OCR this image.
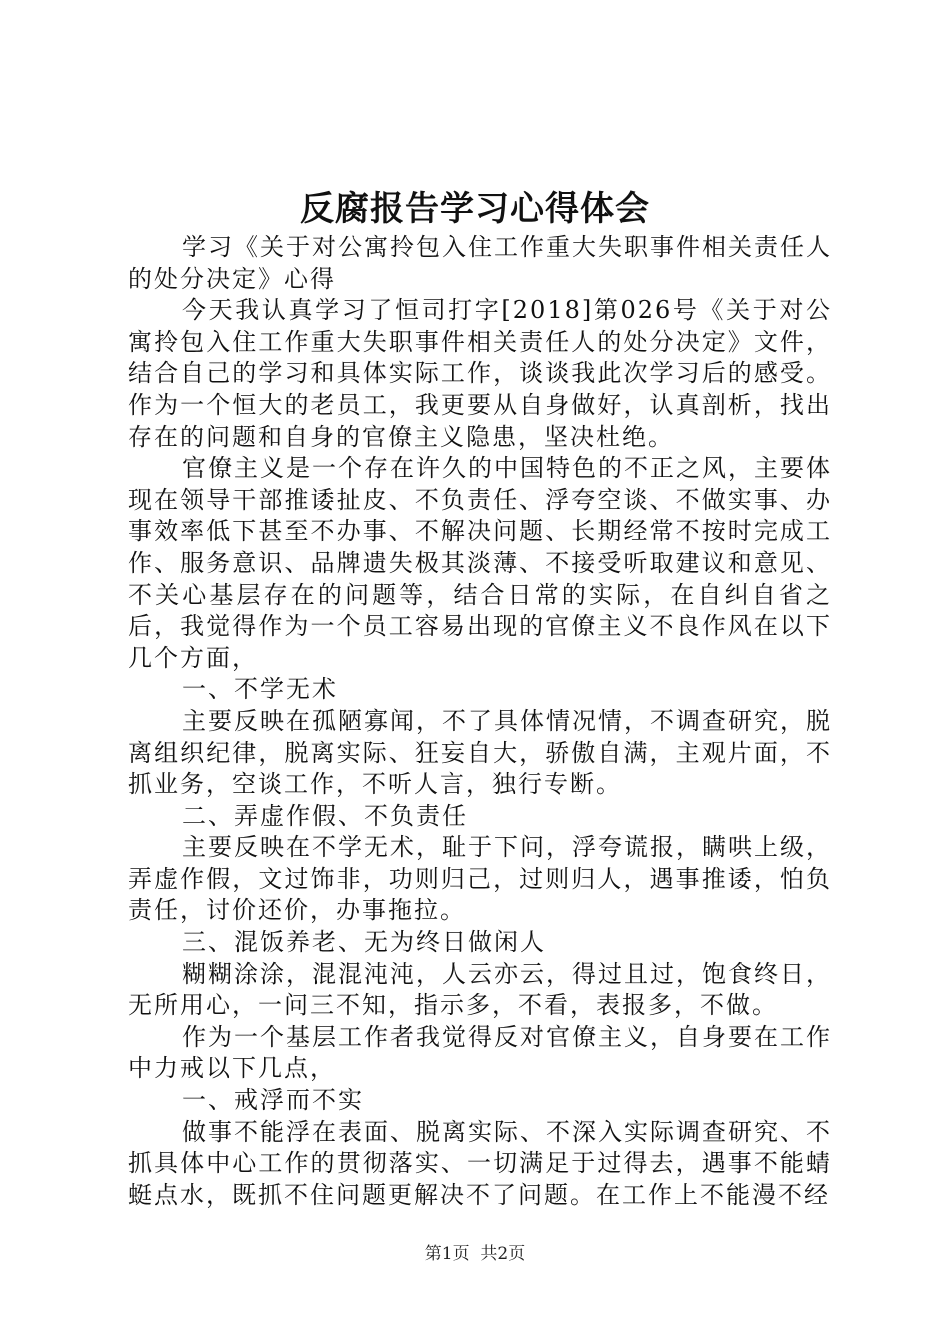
反腐报告学习心得体会

学习《关于对公寓拎包入住工作重大失职事件相关责任人的处分决定》心得

今天我认真学习了恒司打字[2018]第026号《关于对公寓拎包入住工作重大失职事件相关责任人的处分决定》文件，结合自己的学习和具体实际工作，谈谈我此次学习后的感受。作为一个恒大的老员工，我更要从自身做好，认真剖析，找出存在的问题和自身的官僚主义隐患，坚决杜绝。

官僚主义是一个存在许久的中国特色的不正之风，主要体现在领导干部推诿扯皮、不负责任、浮夸空谈、不做实事、办事效率低下甚至不办事、不解决问题、长期经常不按时完成工作、服务意识、品牌遗失极其淡薄、不接受听取建议和意见、不关心基层存在的问题等，结合日常的实际，在自纠自省之后，我觉得作为一个员工容易出现的官僚主义不良作风在以下几个方面，

一、不学无术

主要反映在孤陋寡闻，不了具体情况情，不调查研究，脱离组织纪律，脱离实际、狂妄自大，骄傲自满，主观片面，不抓业务，空谈工作，不听人言，独行专断。

二、弄虚作假、不负责任

主要反映在不学无术，耻于下问，浮夸谎报，瞒哄上级，弄虚作假，文过饰非，功则归己，过则归人，遇事推诿，怕负责任，讨价还价，办事拖拉。

三、混饭养老、无为终日做闲人

糊糊涂涂，混混沌沌，人云亦云，得过且过，饱食终日，无所用心，一问三不知，指示多，不看，表报多，不做。

作为一个基层工作者我觉得反对官僚主义，自身要在工作中力戒以下几点，

一、戒浮而不实

做事不能浮在表面、脱离实际、不深入实际调查研究、不抓具体中心工作的贯彻落实、一切满足于过得去，遇事不能蜻蜓点水，既抓不住问题更解决不了问题。在工作上不能漫不经

第1页 共2页
